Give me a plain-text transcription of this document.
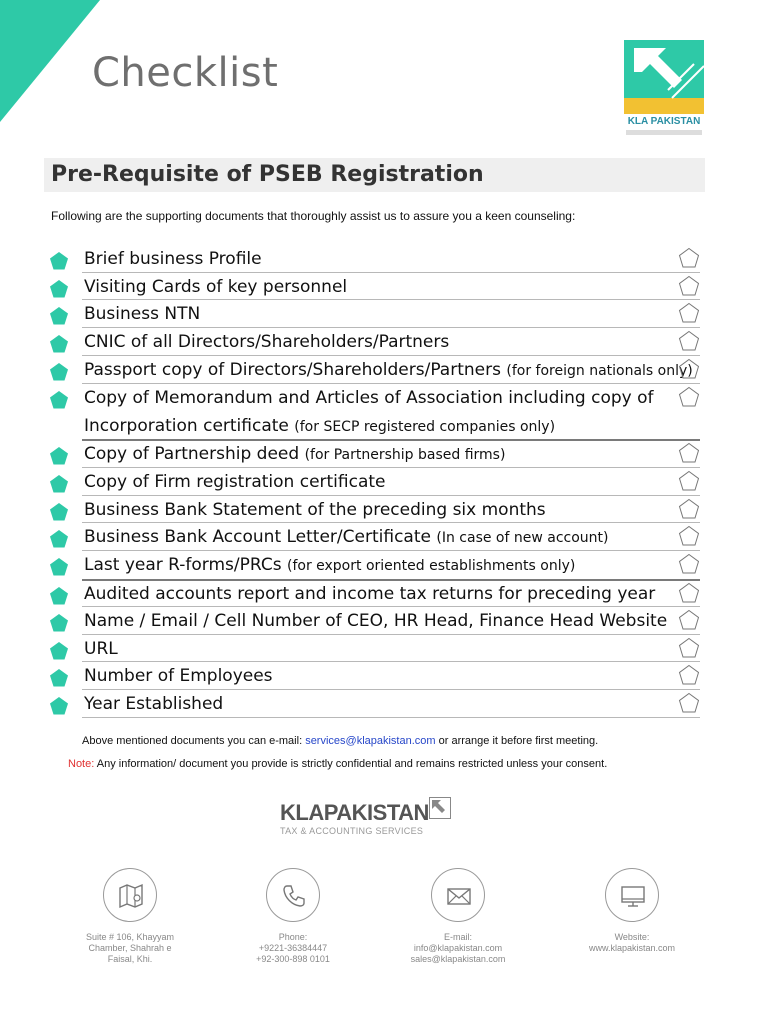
Checklist
KLA PAKISTAN
Pre-Requisite of PSEB Registration

Following are the supporting documents that thoroughly assist us to assure you a keen counseling:

Brief business Profile
Visiting Cards of key personnel
Business NTN
CNIC of all Directors/Shareholders/Partners
Passport copy of Directors/Shareholders/Partners (for foreign nationals only)
Copy of Memorandum and Articles of Association including copy of
Incorporation certificate (for SECP registered companies only)
Copy of Partnership deed (for Partnership based firms)
Copy of Firm registration certificate
Business Bank Statement of the preceding six months
Business Bank Account Letter/Certificate (In case of new account)
Last year R-forms/PRCs (for export oriented establishments only)
Audited accounts report and income tax returns for preceding year
Name / Email / Cell Number of CEO, HR Head, Finance Head Website
URL
Number of Employees
Year Established

Above mentioned documents you can e-mail: services@klapakistan.com or arrange it before first meeting.

Note: Any information/ document you provide is strictly confidential and remains restricted unless your consent.

KLAPAKISTAN
TAX & ACCOUNTING SERVICES
Suite # 106, Khayyam
Chamber, Shahrah e
Faisal, Khi.
Phone:
+9221-36384447
+92-300-898 0101
E-mail:
info@klapakistan.com
sales@klapakistan.com
Website:
www.klapakistan.com
